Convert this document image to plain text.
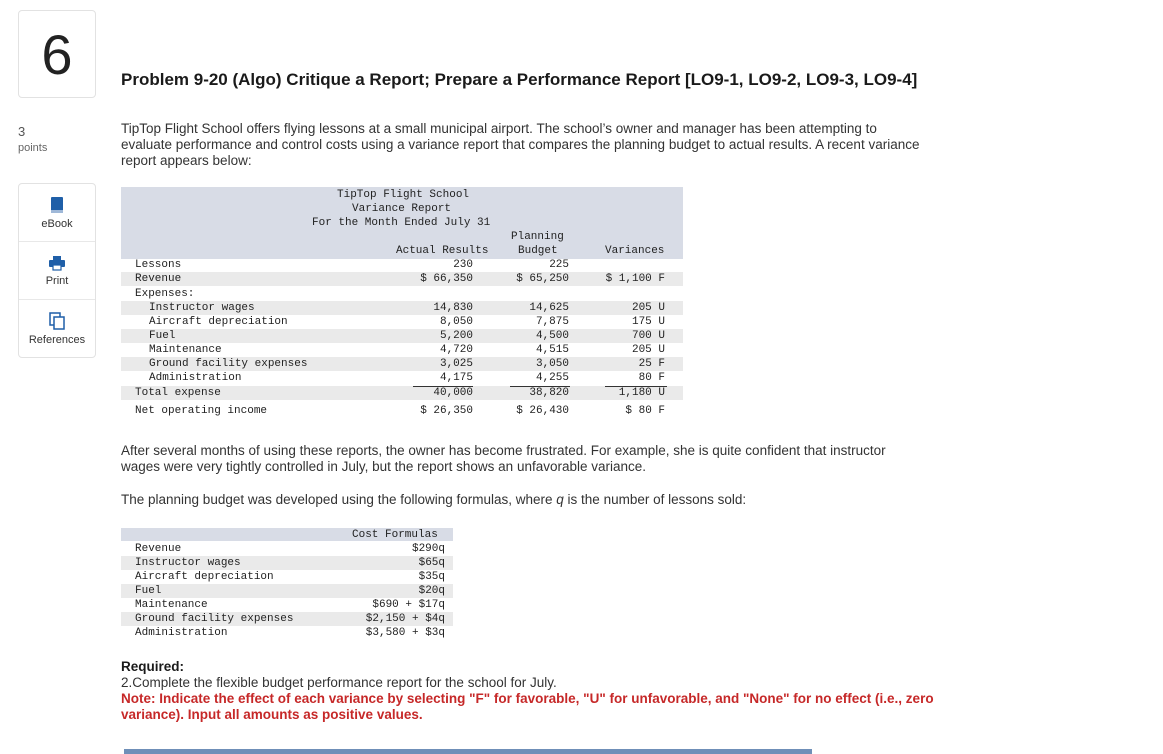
6
3
points
eBook
Print
References
Problem 9-20 (Algo) Critique a Report; Prepare a Performance Report [LO9-1, LO9-2, LO9-3, LO9-4]
TipTop Flight School offers flying lessons at a small municipal airport. The school’s owner and manager has been attempting to
evaluate performance and control costs using a variance report that compares the planning budget to actual results. A recent variance
report appears below:
TipTop Flight School
Variance Report
For the Month Ended July 31
Planning
Actual Results	Budget	Variances
Lessons	230	225
Revenue	$ 66,350	$ 65,250	$ 1,100 F
Expenses:
Instructor wages	14,830	14,625	205 U
Aircraft depreciation	8,050	7,875	175 U
Fuel	5,200	4,500	700 U
Maintenance	4,720	4,515	205 U
Ground facility expenses	3,025	3,050	25 F
Administration	4,175	4,255	80 F
Total expense	40,000	38,820	1,180 U
Net operating income	$ 26,350	$ 26,430	$ 80 F
After several months of using these reports, the owner has become frustrated. For example, she is quite confident that instructor
wages were very tightly controlled in July, but the report shows an unfavorable variance.
The planning budget was developed using the following formulas, where q is the number of lessons sold:
Cost Formulas
Revenue	$290q
Instructor wages	$65q
Aircraft depreciation	$35q
Fuel	$20q
Maintenance	$690 + $17q
Ground facility expenses	$2,150 + $4q
Administration	$3,580 + $3q
Required:
2.Complete the flexible budget performance report for the school for July.
Note: Indicate the effect of each variance by selecting "F" for favorable, "U" for unfavorable, and "None" for no effect (i.e., zero
variance). Input all amounts as positive values.
